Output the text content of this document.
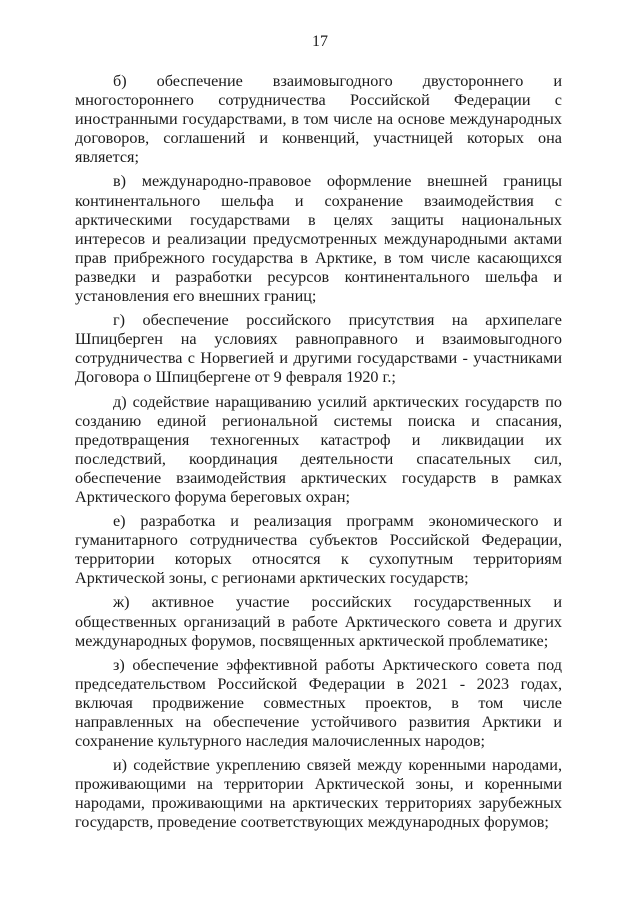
17

б) обеспечение взаимовыгодного двустороннего и многостороннего сотрудничества Российской Федерации с иностранными государствами, в том числе на основе международных договоров, соглашений и конвенций, участницей которых она является;

в) международно-правовое оформление внешней границы континентального шельфа и сохранение взаимодействия с арктическими государствами в целях защиты национальных интересов и реализации предусмотренных международными актами прав прибрежного государства в Арктике, в том числе касающихся разведки и разработки ресурсов континентального шельфа и установления его внешних границ;

г) обеспечение российского присутствия на архипелаге Шпицберген на условиях равноправного и взаимовыгодного сотрудничества с Норвегией и другими государствами - участниками Договора о Шпицбергене от 9 февраля 1920 г.;

д) содействие наращиванию усилий арктических государств по созданию единой региональной системы поиска и спасания, предотвращения техногенных катастроф и ликвидации их последствий, координация деятельности спасательных сил, обеспечение взаимодействия арктических государств в рамках Арктического форума береговых охран;

е) разработка и реализация программ экономического и гуманитарного сотрудничества субъектов Российской Федерации, территории которых относятся к сухопутным территориям Арктической зоны, с регионами арктических государств;

ж) активное участие российских государственных и общественных организаций в работе Арктического совета и других международных форумов, посвященных арктической проблематике;

з) обеспечение эффективной работы Арктического совета под председательством Российской Федерации в 2021 - 2023 годах, включая продвижение совместных проектов, в том числе направленных на обеспечение устойчивого развития Арктики и сохранение культурного наследия малочисленных народов;

и) содействие укреплению связей между коренными народами, проживающими на территории Арктической зоны, и коренными народами, проживающими на арктических территориях зарубежных государств, проведение соответствующих международных форумов;
